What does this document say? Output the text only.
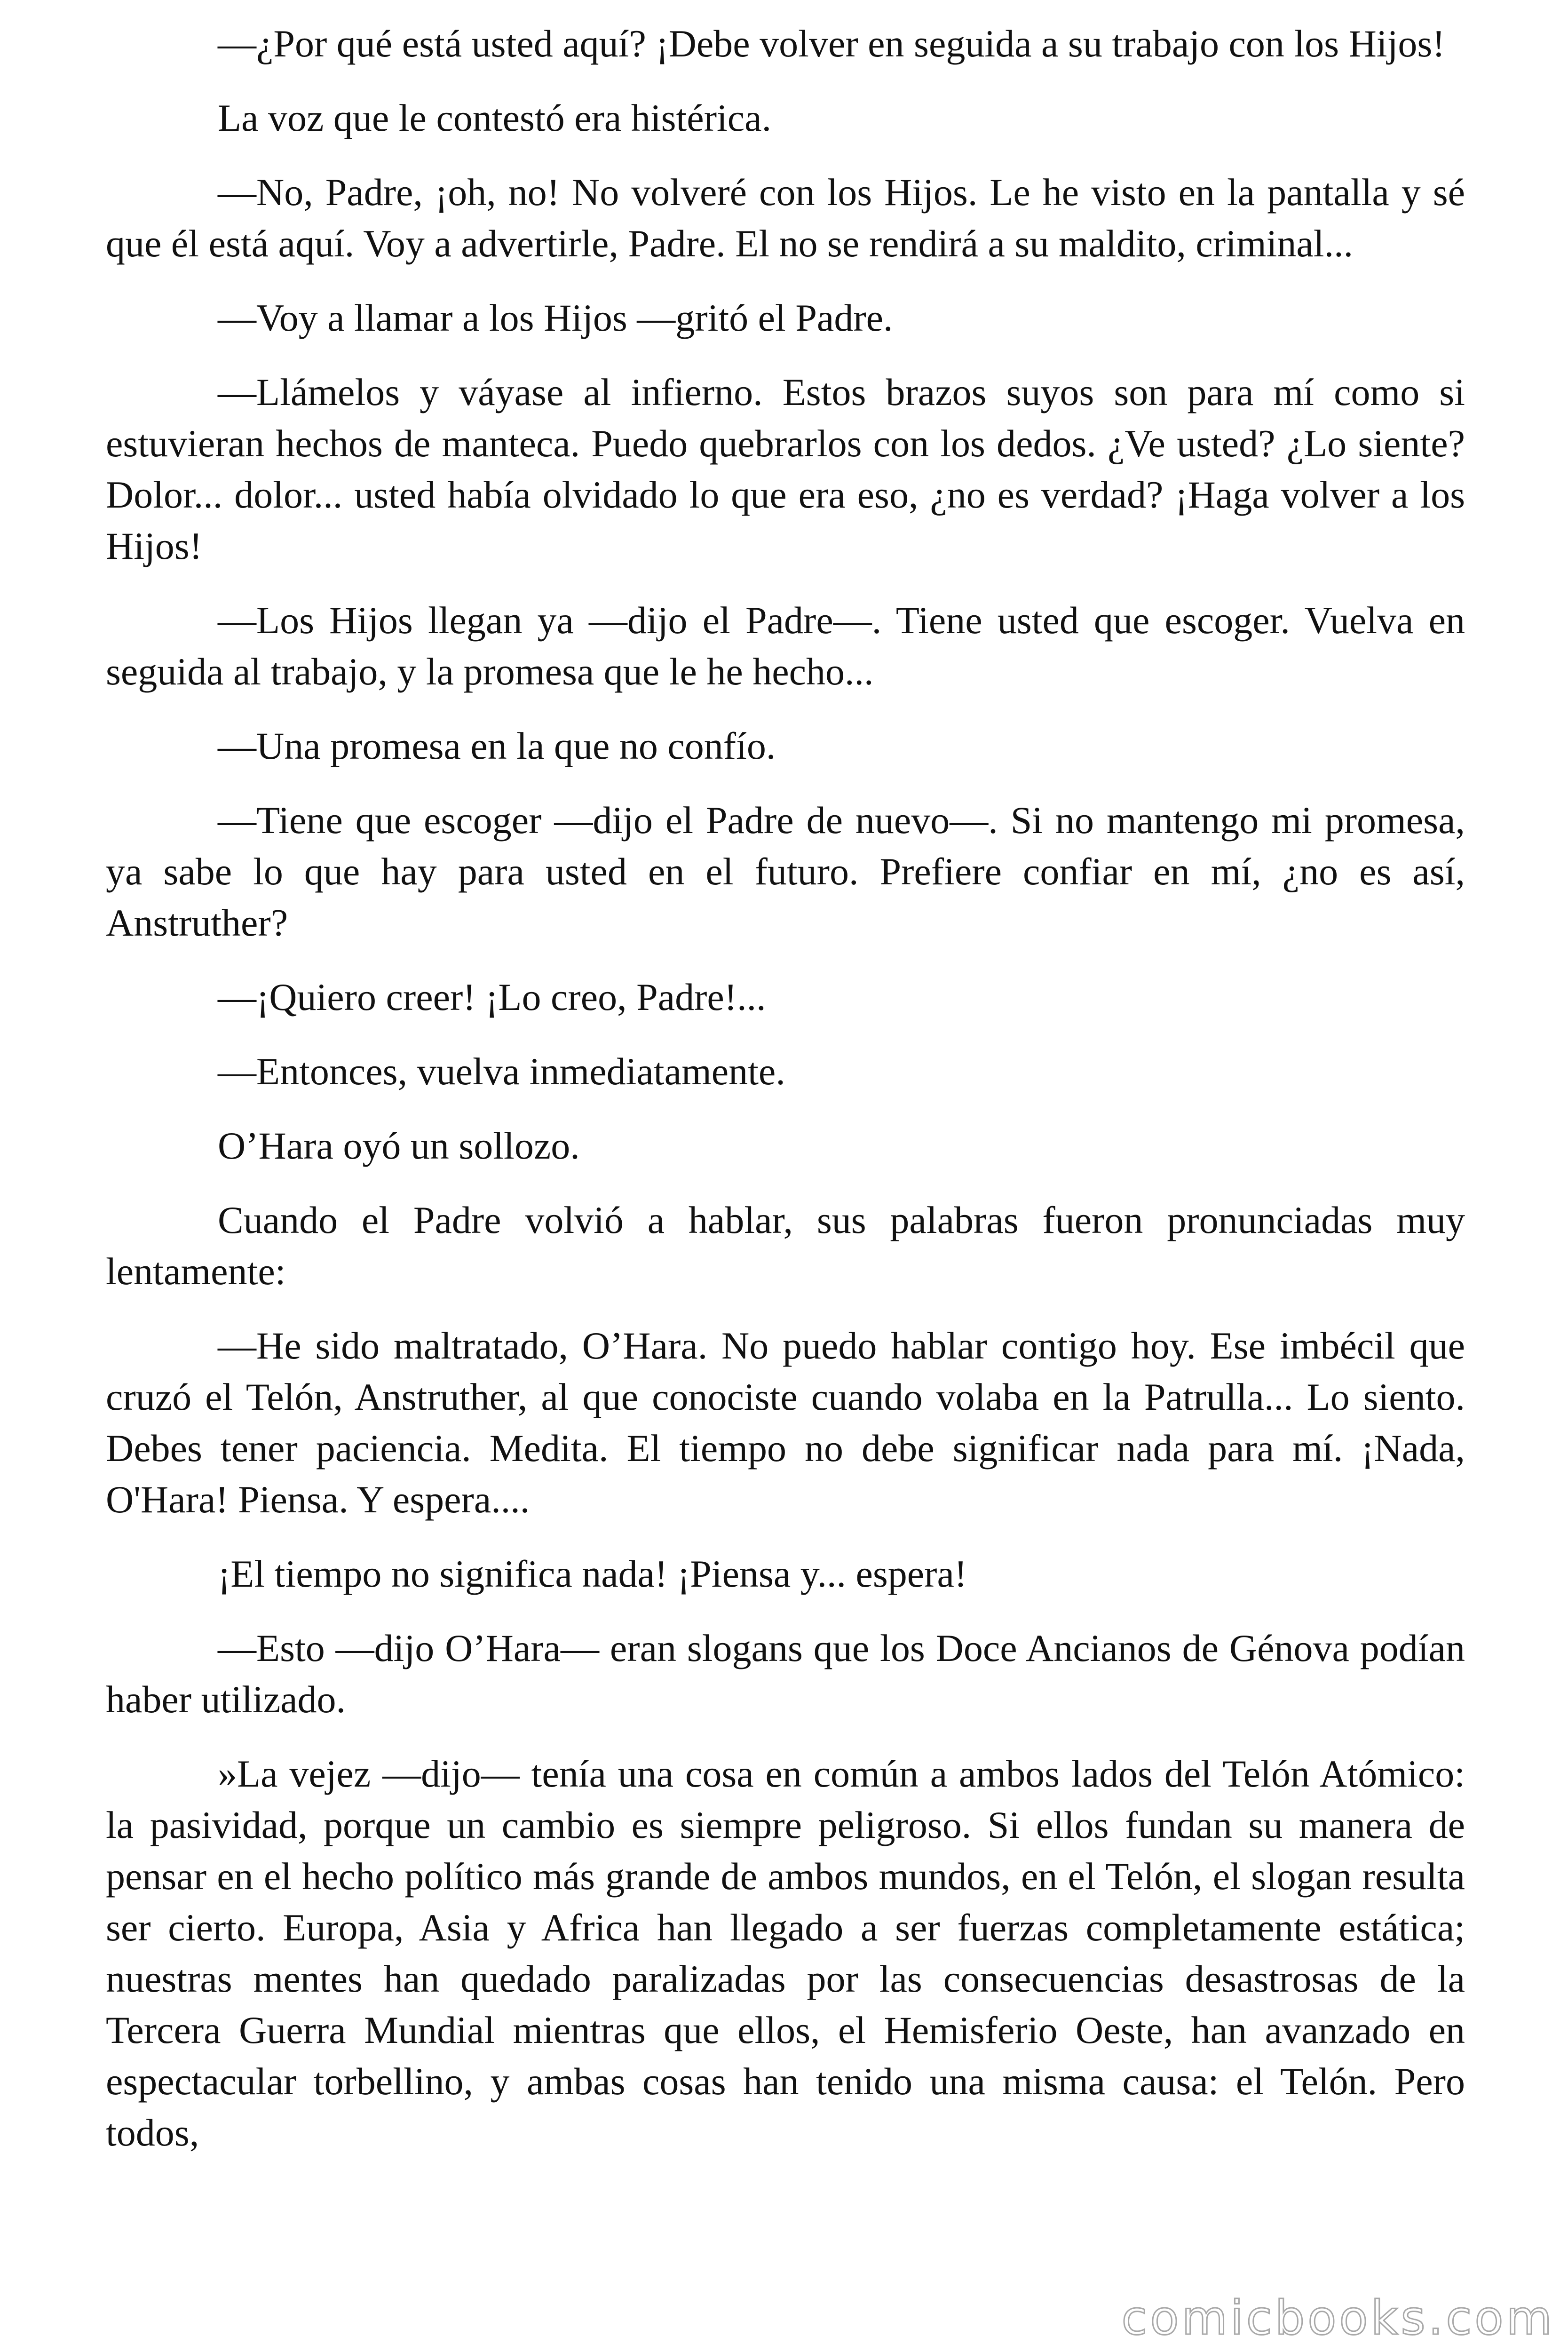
—¿Por qué está usted aquí? ¡Debe volver en seguida a su trabajo con los Hijos!

La voz que le contestó era histérica.

—No, Padre, ¡oh, no! No volveré con los Hijos. Le he visto en la pantalla y sé que él está aquí. Voy a advertirle, Padre. El no se rendirá a su maldito, criminal...

—Voy a llamar a los Hijos —gritó el Padre.

—Llámelos y váyase al infierno. Estos brazos suyos son para mí como si estuvieran hechos de manteca. Puedo quebrarlos con los dedos. ¿Ve usted? ¿Lo siente? Dolor... dolor... usted había olvidado lo que era eso, ¿no es verdad? ¡Haga volver a los Hijos!

—Los Hijos llegan ya —dijo el Padre—. Tiene usted que escoger. Vuelva en seguida al trabajo, y la promesa que le he hecho...

—Una promesa en la que no confío.

—Tiene que escoger —dijo el Padre de nuevo—. Si no mantengo mi promesa, ya sabe lo que hay para usted en el futuro. Prefiere confiar en mí, ¿no es así, Anstruther?

—¡Quiero creer! ¡Lo creo, Padre!...

—Entonces, vuelva inmediatamente.

O’Hara oyó un sollozo.

Cuando el Padre volvió a hablar, sus palabras fueron pronunciadas muy lentamente:

—He sido maltratado, O’Hara. No puedo hablar contigo hoy. Ese imbécil que cruzó el Telón, Anstruther, al que conociste cuando volaba en la Patrulla... Lo siento. Debes tener paciencia. Medita. El tiempo no debe significar nada para mí. ¡Nada, O'Hara! Piensa. Y espera....

¡El tiempo no significa nada! ¡Piensa y... espera!

—Esto —dijo O’Hara— eran slogans que los Doce Ancianos de Génova podían haber utilizado.

»La vejez —dijo— tenía una cosa en común a ambos lados del Telón Atómico: la pasividad, porque un cambio es siempre peligroso. Si ellos fundan su manera de pensar en el hecho político más grande de ambos mundos, en el Telón, el slogan resulta ser cierto. Europa, Asia y Africa han llegado a ser fuerzas completamente estática; nuestras mentes han quedado paralizadas por las consecuencias desastrosas de la Tercera Guerra Mundial mientras que ellos, el Hemisferio Oeste, han avanzado en espectacular torbellino, y ambas cosas han tenido una misma causa: el Telón. Pero todos,

comicbooks.com
